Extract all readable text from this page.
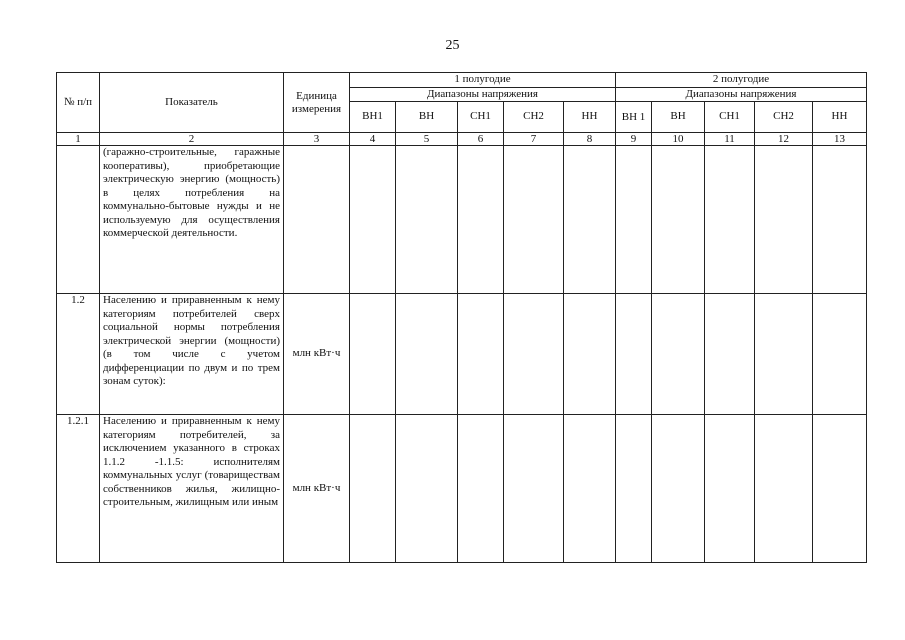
25
№ п/п	Показатель	Единица измерения	1 полугодие					2 полугодие				
			Диапазоны напряжения					Диапазоны напряжения				
			ВН1	ВН	СН1	СН2	НН	ВН 1	ВН	СН1	СН2	НН
1	2	3	4	5	6	7	8	9	10	11	12	13
	(гаражно-строительные, гаражные кооперативы), приобретающие электрическую энергию (мощность) в целях потребления на коммунально-бытовые нужды и не используемую для осуществления коммерческой деятельности.											
1.2	Населению и приравненным к нему категориям потребителей сверх социальной нормы потребления электрической энергии (мощности) (в том числе с учетом дифференциации по двум и по трем зонам суток):	млн кВт·ч										
1.2.1	Населению и приравненным к нему категориям потребителей, за исключением указанного в строках 1.1.2 -1.1.5: исполнителям коммунальных услуг (товариществам собственников жилья, жилищно-строительным, жилищным или иным	млн кВт·ч										
